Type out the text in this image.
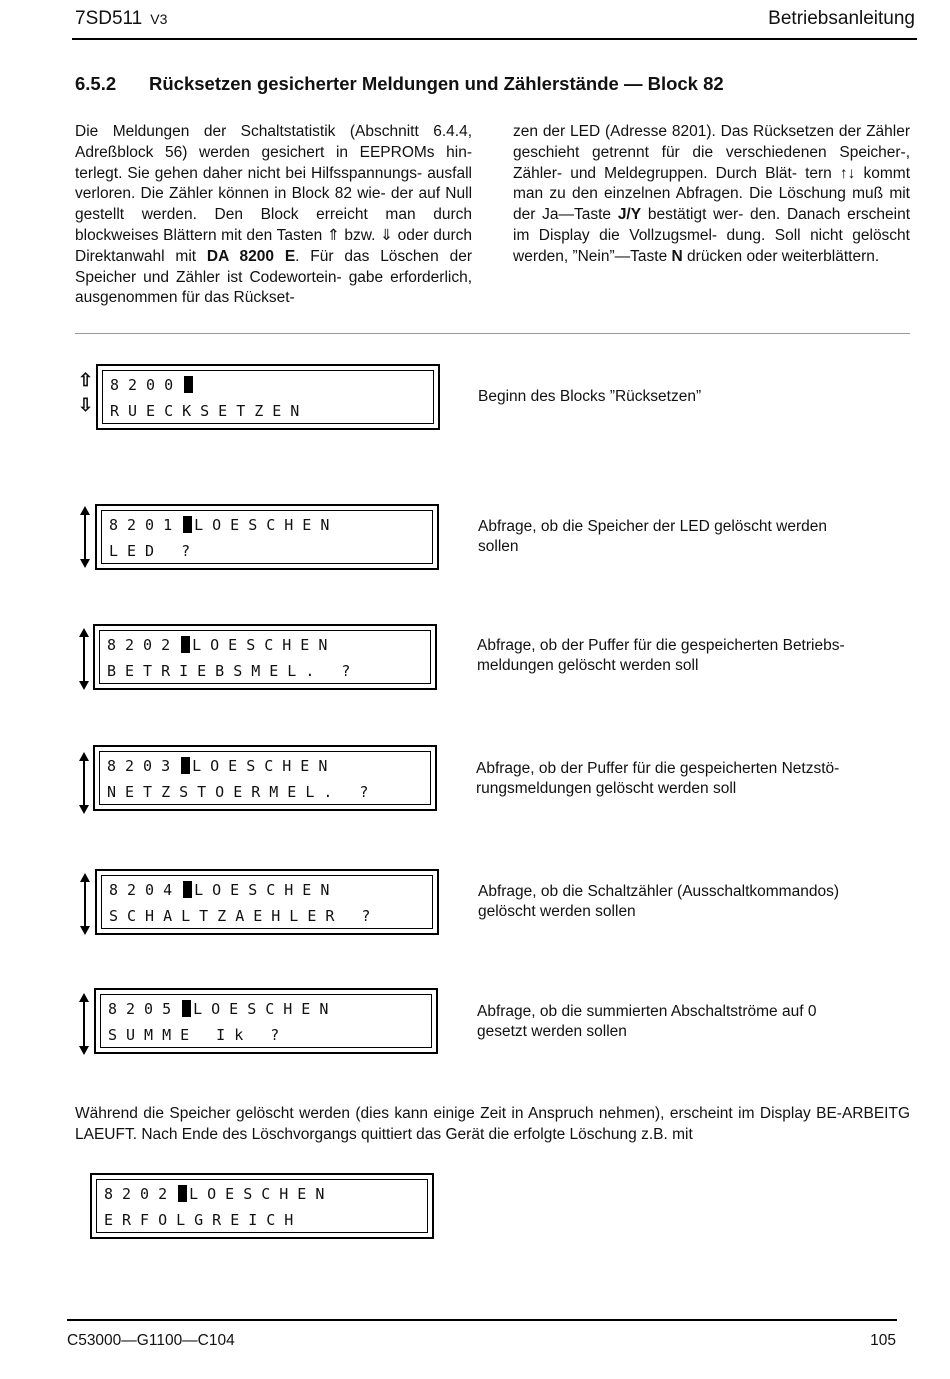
7SD511 V3	Betriebsanleitung
6.5.2 Rücksetzen gesicherter Meldungen und Zählerstände — Block 82
Die Meldungen der Schaltstatistik (Abschnitt 6.4.4, Adreßblock 56) werden gesichert in EEPROMs hin- terlegt. Sie gehen daher nicht bei Hilfsspannungs- ausfall verloren. Die Zähler können in Block 82 wie- der auf Null gestellt werden. Den Block erreicht man durch blockweises Blättern mit den Tasten ⇑ bzw. ⇓ oder durch Direktanwahl mit DA 8200 E. Für das Löschen der Speicher und Zähler ist Codewortein- gabe erforderlich, ausgenommen für das Rückset-
zen der LED (Adresse 8201). Das Rücksetzen der Zähler geschieht getrennt für die verschiedenen Speicher-, Zähler- und Meldegruppen. Durch Blät- tern ↑↓ kommt man zu den einzelnen Abfragen. Die Löschung muß mit der Ja—Taste J/Y bestätigt wer- den. Danach erscheint im Display die Vollzugsmel- dung. Soll nicht gelöscht werden, ”Nein”—Taste N drücken oder weiterblättern.
⇧
⇩
8200
RUECKSETZEN
Beginn des Blocks ”Rücksetzen”
8201 LOESCHEN
LED ?
Abfrage, ob die Speicher der LED gelöscht werden
sollen
8202 LOESCHEN
BETRIEBSMEL. ?
Abfrage, ob der Puffer für die gespeicherten Betriebs-
meldungen gelöscht werden soll
8203 LOESCHEN
NETZSTOERMEL. ?
Abfrage, ob der Puffer für die gespeicherten Netzstö-
rungsmeldungen gelöscht werden soll
8204 LOESCHEN
SCHALTZAEHLER ?
Abfrage, ob die Schaltzähler (Ausschaltkommandos)
gelöscht werden sollen
8205 LOESCHEN
SUMME Ik ?
Abfrage, ob die summierten Abschaltströme auf 0
gesetzt werden sollen
Während die Speicher gelöscht werden (dies kann einige Zeit in Anspruch nehmen), erscheint im Display BE-ARBEITG LAEUFT. Nach Ende des Löschvorgangs quittiert das Gerät die erfolgte Löschung z.B. mit
8202 LOESCHEN
ERFOLGREICH
C53000—G1100—C104	105
